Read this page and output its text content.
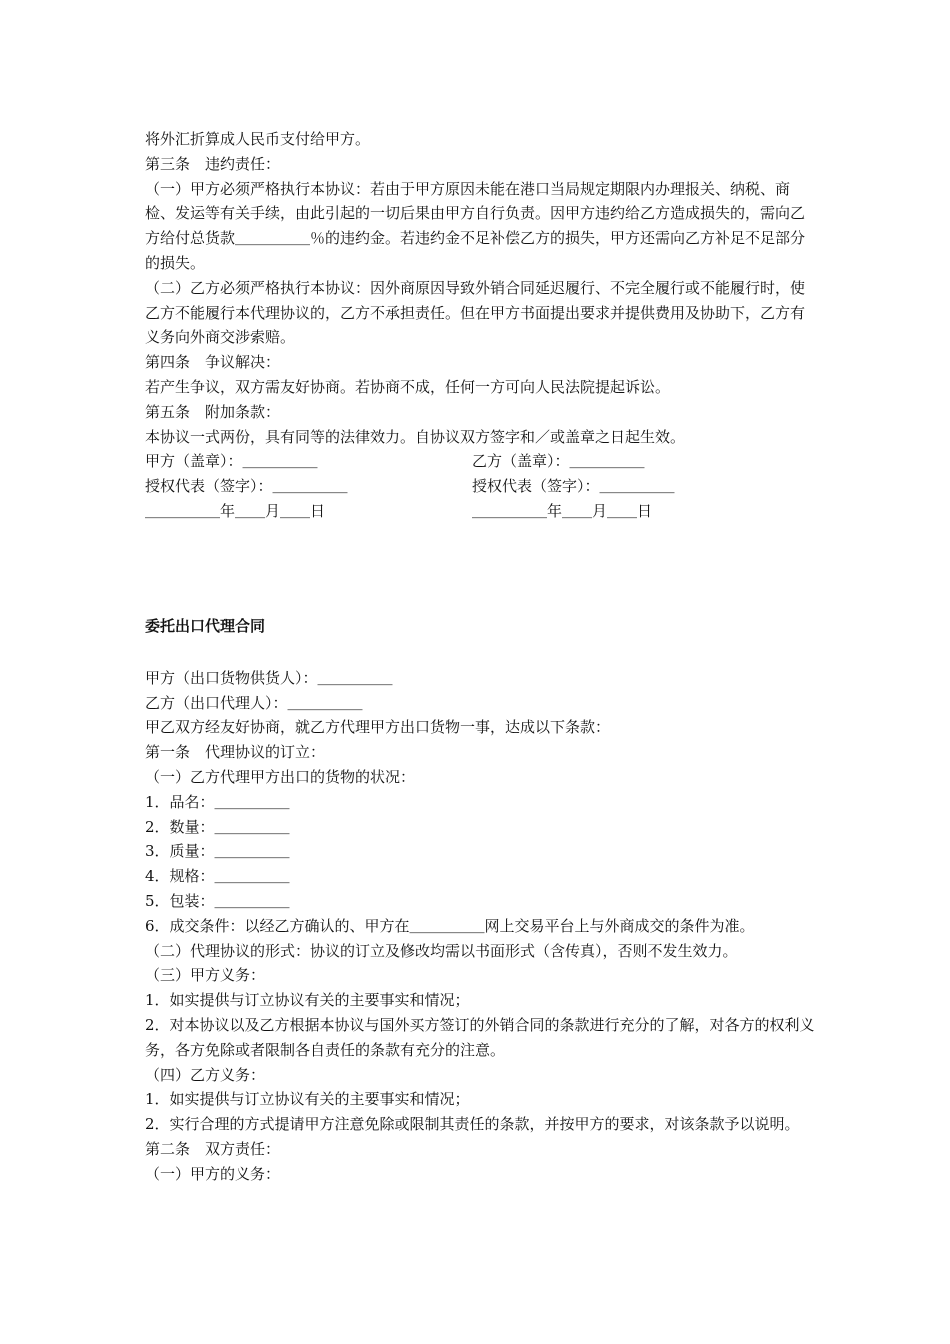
将外汇折算成人民币支付给甲方。

第三条　违约责任：

（一）甲方必须严格执行本协议：若由于甲方原因未能在港口当局规定期限内办理报关、纳税、商检、发运等有关手续，由此引起的一切后果由甲方自行负责。因甲方违约给乙方造成损失的，需向乙方给付总货款＿＿＿＿＿％的违约金。若违约金不足补偿乙方的损失，甲方还需向乙方补足不足部分的损失。

（二）乙方必须严格执行本协议：因外商原因导致外销合同延迟履行、不完全履行或不能履行时，使乙方不能履行本代理协议的，乙方不承担责任。但在甲方书面提出要求并提供费用及协助下，乙方有义务向外商交涉索赔。

第四条　争议解决：

若产生争议，双方需友好协商。若协商不成，任何一方可向人民法院提起诉讼。

第五条　附加条款：

本协议一式两份，具有同等的法律效力。自协议双方签字和／或盖章之日起生效。

甲方（盖章）：＿＿＿＿＿	乙方（盖章）：＿＿＿＿＿
授权代表（签字）：＿＿＿＿＿	授权代表（签字）：＿＿＿＿＿
＿＿＿＿＿年＿＿月＿＿日	＿＿＿＿＿年＿＿月＿＿日
委托出口代理合同

甲方（出口货物供货人）：＿＿＿＿＿

乙方（出口代理人）：＿＿＿＿＿

甲乙双方经友好协商，就乙方代理甲方出口货物一事，达成以下条款：

第一条　代理协议的订立：

（一）乙方代理甲方出口的货物的状况：

1．品名：＿＿＿＿＿

2．数量：＿＿＿＿＿

3．质量：＿＿＿＿＿

4．规格：＿＿＿＿＿

5．包装：＿＿＿＿＿

6．成交条件：以经乙方确认的、甲方在＿＿＿＿＿网上交易平台上与外商成交的条件为准。

（二）代理协议的形式：协议的订立及修改均需以书面形式（含传真），否则不发生效力。

（三）甲方义务：

1．如实提供与订立协议有关的主要事实和情况；

2．对本协议以及乙方根据本协议与国外买方签订的外销合同的条款进行充分的了解，对各方的权利义务，各方免除或者限制各自责任的条款有充分的注意。

（四）乙方义务：

1．如实提供与订立协议有关的主要事实和情况；

2．实行合理的方式提请甲方注意免除或限制其责任的条款，并按甲方的要求，对该条款予以说明。

第二条　双方责任：

（一）甲方的义务：
